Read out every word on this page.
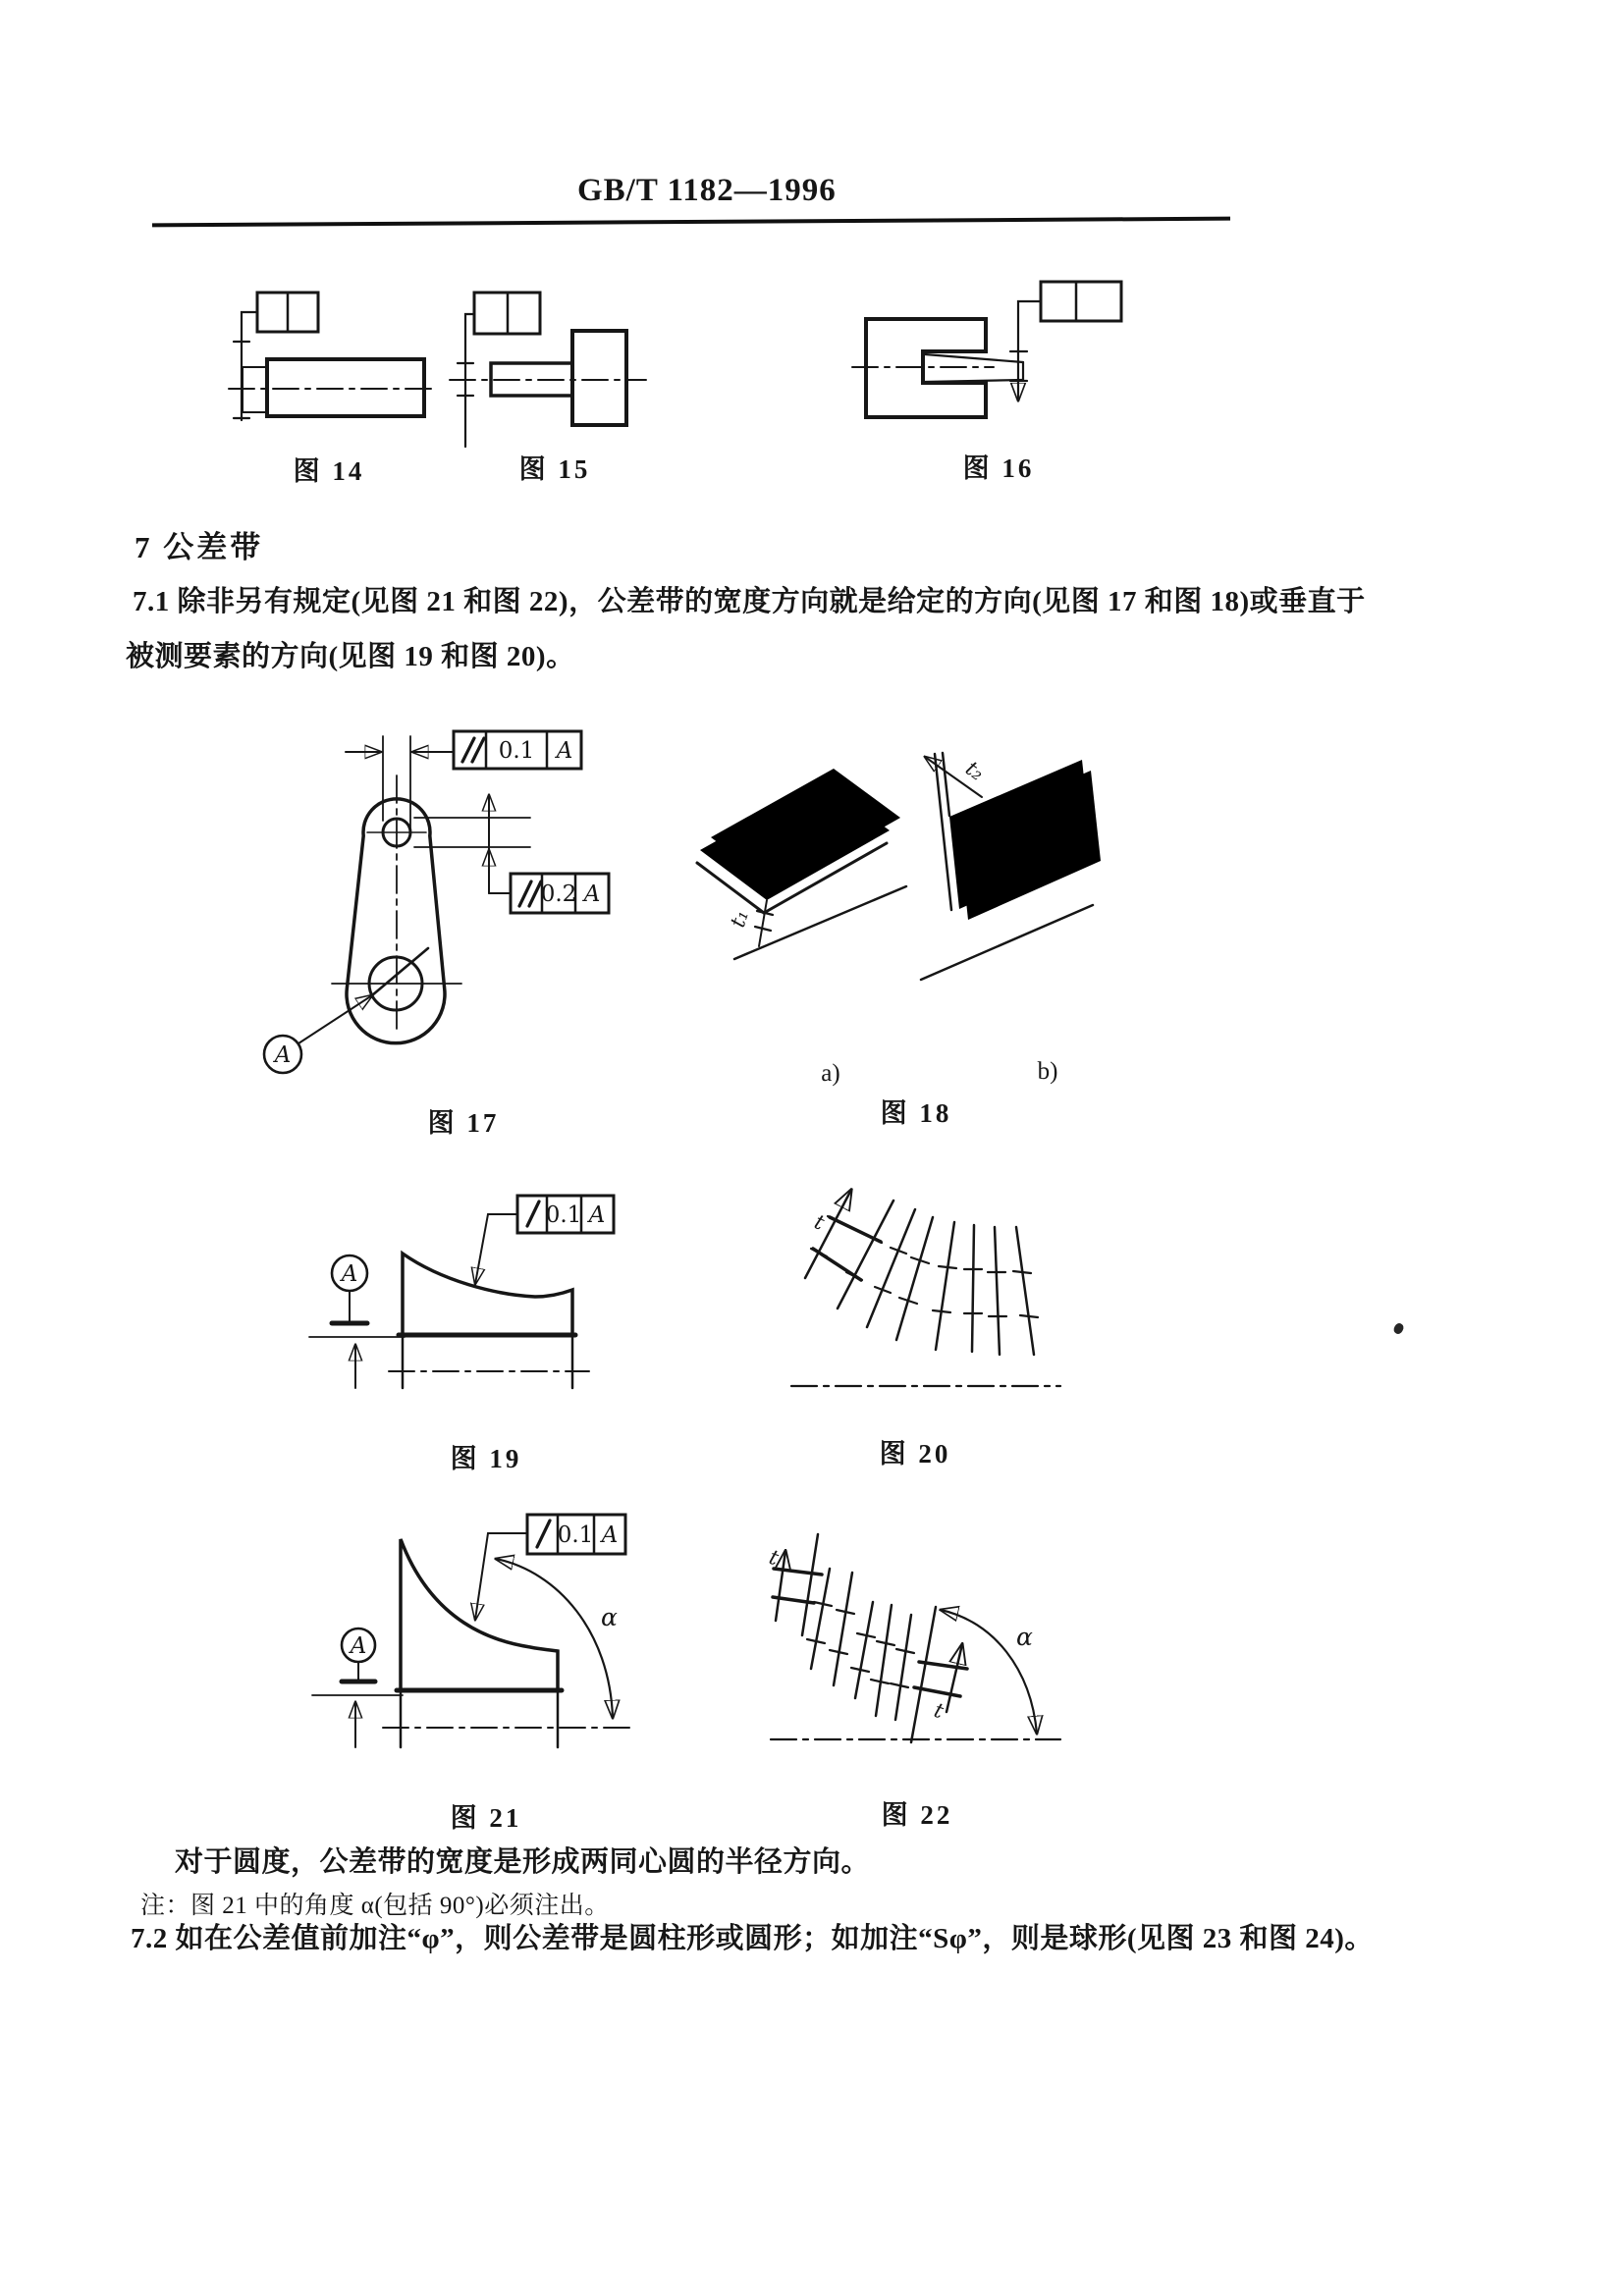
GB/T 1182—1996
7 公差带
7.1 除非另有规定(见图 21 和图 22)，公差带的宽度方向就是给定的方向(见图 17 和图 18)或垂直于
被测要素的方向(见图 19 和图 20)。
对于圆度，公差带的宽度是形成两同心圆的半径方向。
注：图 21 中的角度 α(包括 90°)必须注出。
7.2 如在公差值前加注“φ”，则公差带是圆柱形或圆形；如加注“Sφ”，则是球形(见图 23 和图 24)。
图 14	图 15	图 16
图 17
a)	b)
图 18
图 19	图 20
图 21	图 22
0.1 A
0.2 A
A
t₁
t₂
0.1 A
A
t
0.1 A
α
A
t
t
α
